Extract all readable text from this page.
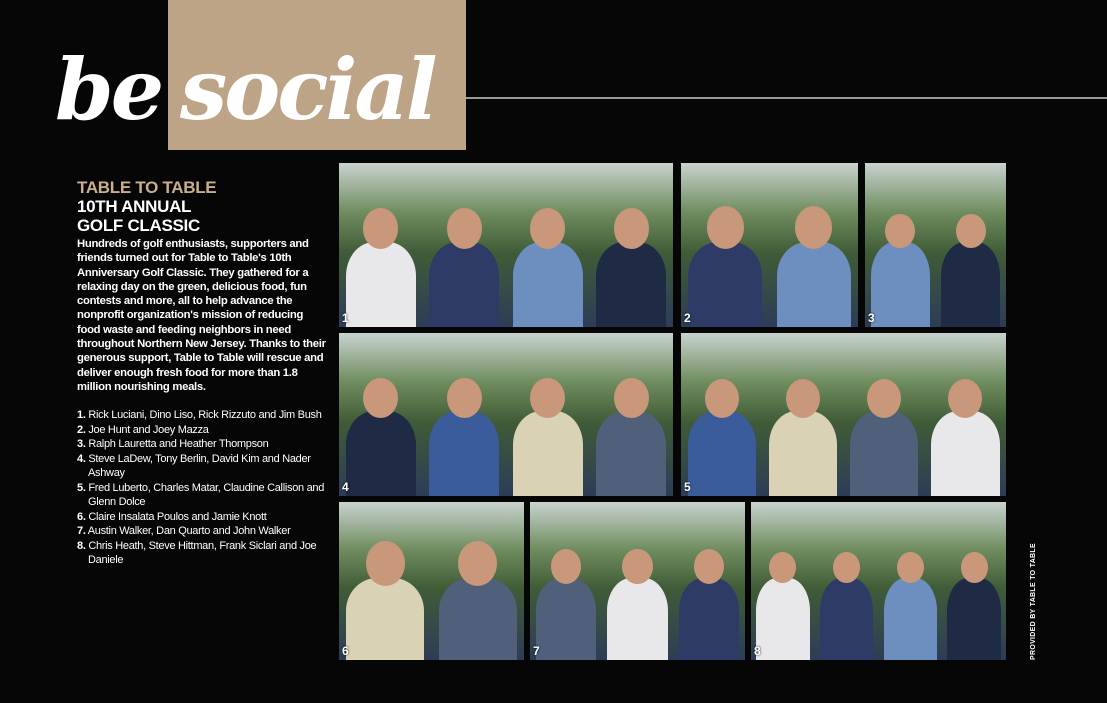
be social
TABLE TO TABLE
10TH ANNUAL
GOLF CLASSIC
Hundreds of golf enthusiasts, supporters and friends turned out for Table to Table's 10th Anniversary Golf Classic. They gathered for a relaxing day on the green, delicious food, fun contests and more, all to help advance the nonprofit organization's mission of reducing food waste and feeding neighbors in need throughout Northern New Jersey. Thanks to their generous support, Table to Table will rescue and deliver enough fresh food for more than 1.8 million nourishing meals.
1. Rick Luciani, Dino Liso, Rick Rizzuto and Jim Bush
2. Joe Hunt and Joey Mazza
3. Ralph Lauretta and Heather Thompson
4. Steve LaDew, Tony Berlin, David Kim and Nader Ashway
5. Fred Luberto, Charles Matar, Claudine Callison and Glenn Dolce
6. Claire Insalata Poulos and Jamie Knott
7. Austin Walker, Dan Quarto and John Walker
8. Chris Heath, Steve Hittman, Frank Siclari and Joe Daniele
1	2	3
4	5
6	7	8	PROVIDED BY TABLE TO TABLE
